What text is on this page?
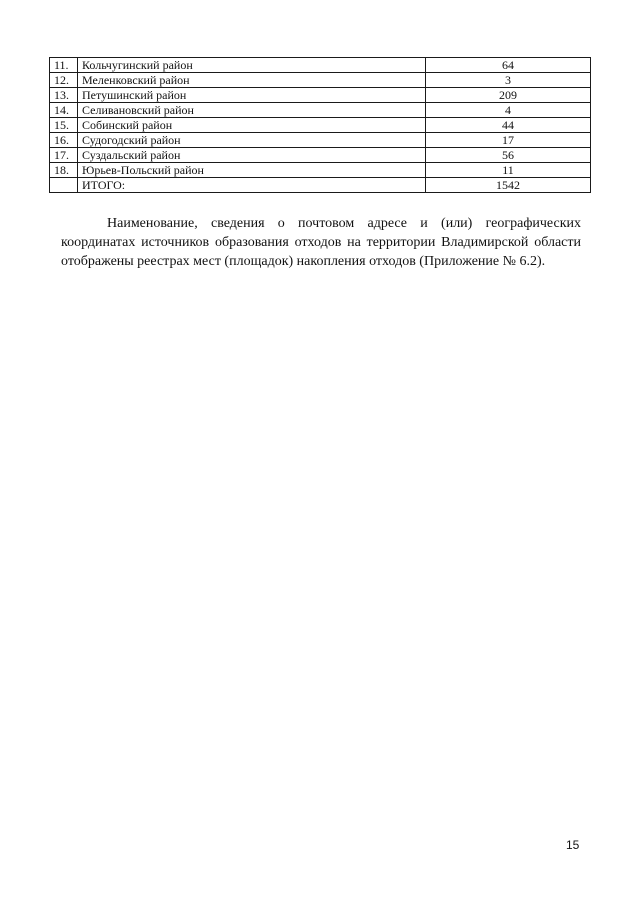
11.	Кольчугинский район	64
12.	Меленковский район	3
13.	Петушинский район	209
14.	Селивановский район	4
15.	Собинский район	44
16.	Судогодский район	17
17.	Суздальский район	56
18.	Юрьев-Польский район	11
	ИТОГО:	1542

Наименование, сведения о почтовом адресе и (или) географических координатах источников образования отходов на территории Владимирской области отображены реестрах мест (площадок) накопления отходов (Приложение № 6.2).

15
